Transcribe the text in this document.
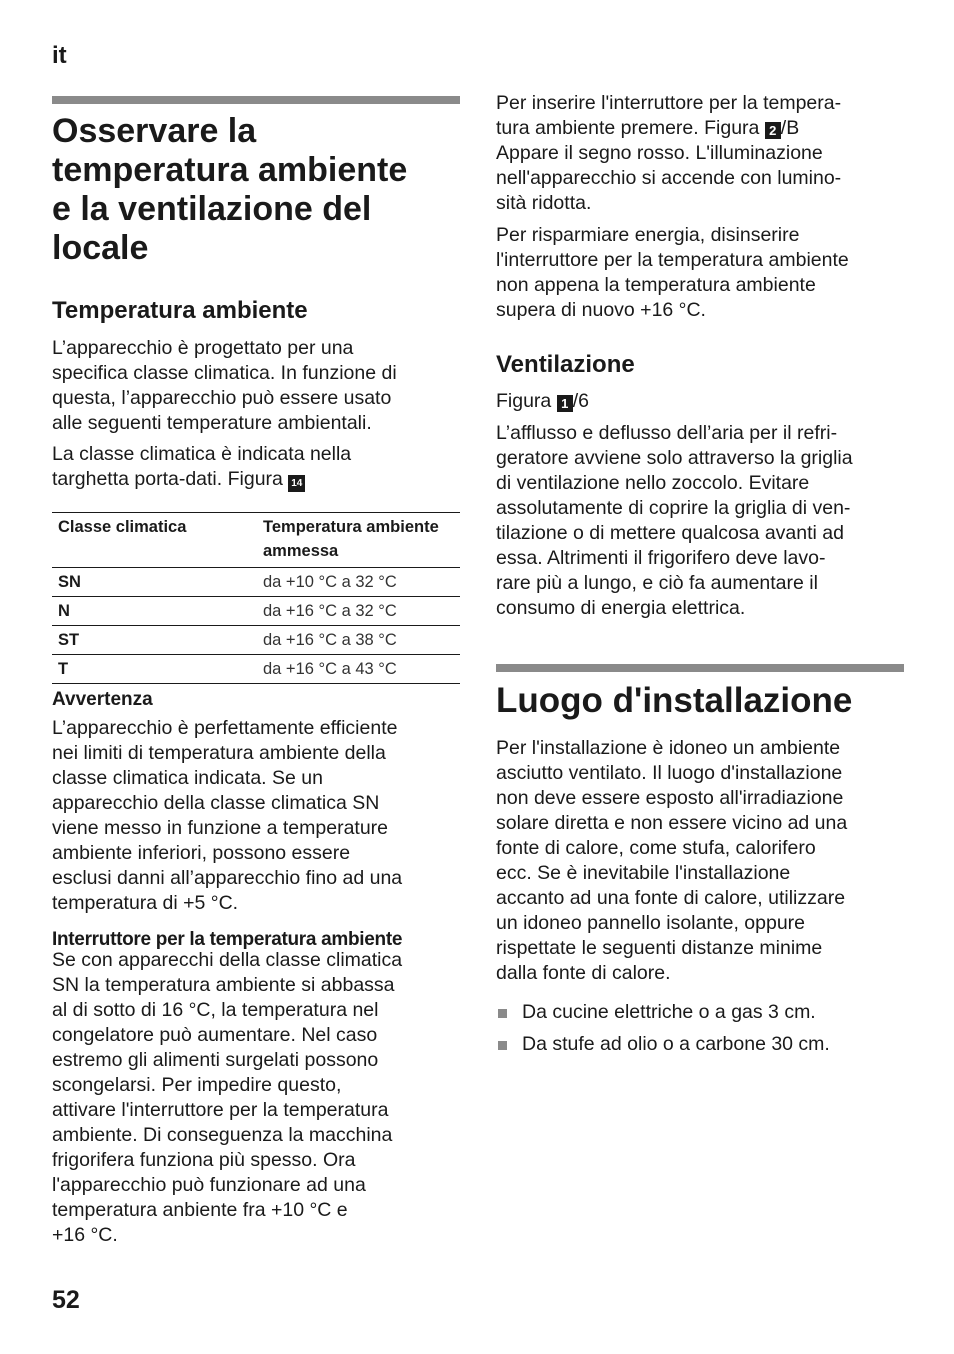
it
Osservare la
temperatura ambiente
e la ventilazione del
locale
Temperatura ambiente
L’apparecchio è progettato per una
specifica classe climatica. In funzione di
questa, l’apparecchio può essere usato
alle seguenti temperature ambientali.
La classe climatica è indicata nella
targhetta porta-dati. Figura 14
Classe climatica	Temperatura ambiente ammessa
SN	da +10 °C a 32 °C
N	da +16 °C a 32 °C
ST	da +16 °C a 38 °C
T	da +16 °C a 43 °C
Avvertenza
L’apparecchio è perfettamente efficiente
nei limiti di temperatura ambiente della
classe climatica indicata. Se un
apparecchio della classe climatica SN
viene messo in funzione a temperature
ambiente inferiori, possono essere
esclusi danni all’apparecchio fino ad una
temperatura di +5 °C.
Interruttore per la temperatura ambiente
Se con apparecchi della classe climatica
SN la temperatura ambiente si abbassa
al di sotto di 16 °C, la temperatura nel
congelatore può aumentare. Nel caso
estremo gli alimenti surgelati possono
scongelarsi. Per impedire questo,
attivare l'interruttore per la temperatura
ambiente. Di conseguenza la macchina
frigorifera funziona più spesso. Ora
l'apparecchio può funzionare ad una
temperatura anbiente fra +10 °C e
+16 °C.
Per inserire l'interruttore per la tempera-
tura ambiente premere. Figura 2 /B
Appare il segno rosso. L'illuminazione
nell'apparecchio si accende con lumino-
sità ridotta.
Per risparmiare energia, disinserire
l'interruttore per la temperatura ambiente
non appena la temperatura ambiente
supera di nuovo +16 °C.
Ventilazione
Figura 1 /6
L’afflusso e deflusso dell’aria per il refri-
geratore avviene solo attraverso la griglia
di ventilazione nello zoccolo. Evitare
assolutamente di coprire la griglia di ven-
tilazione o di mettere qualcosa avanti ad
essa. Altrimenti il frigorifero deve lavo-
rare più a lungo, e ciò fa aumentare il
consumo di energia elettrica.
Luogo d'installazione
Per l'installazione è idoneo un ambiente
asciutto ventilato. Il luogo d'installazione
non deve essere esposto all'irradiazione
solare diretta e non essere vicino ad una
fonte di calore, come stufa, calorifero
ecc. Se è inevitabile l'installazione
accanto ad una fonte di calore, utilizzare
un idoneo pannello isolante, oppure
rispettate le seguenti distanze minime
dalla fonte di calore.
Da cucine elettriche o a gas 3 cm.
Da stufe ad olio o a carbone 30 cm.
52
